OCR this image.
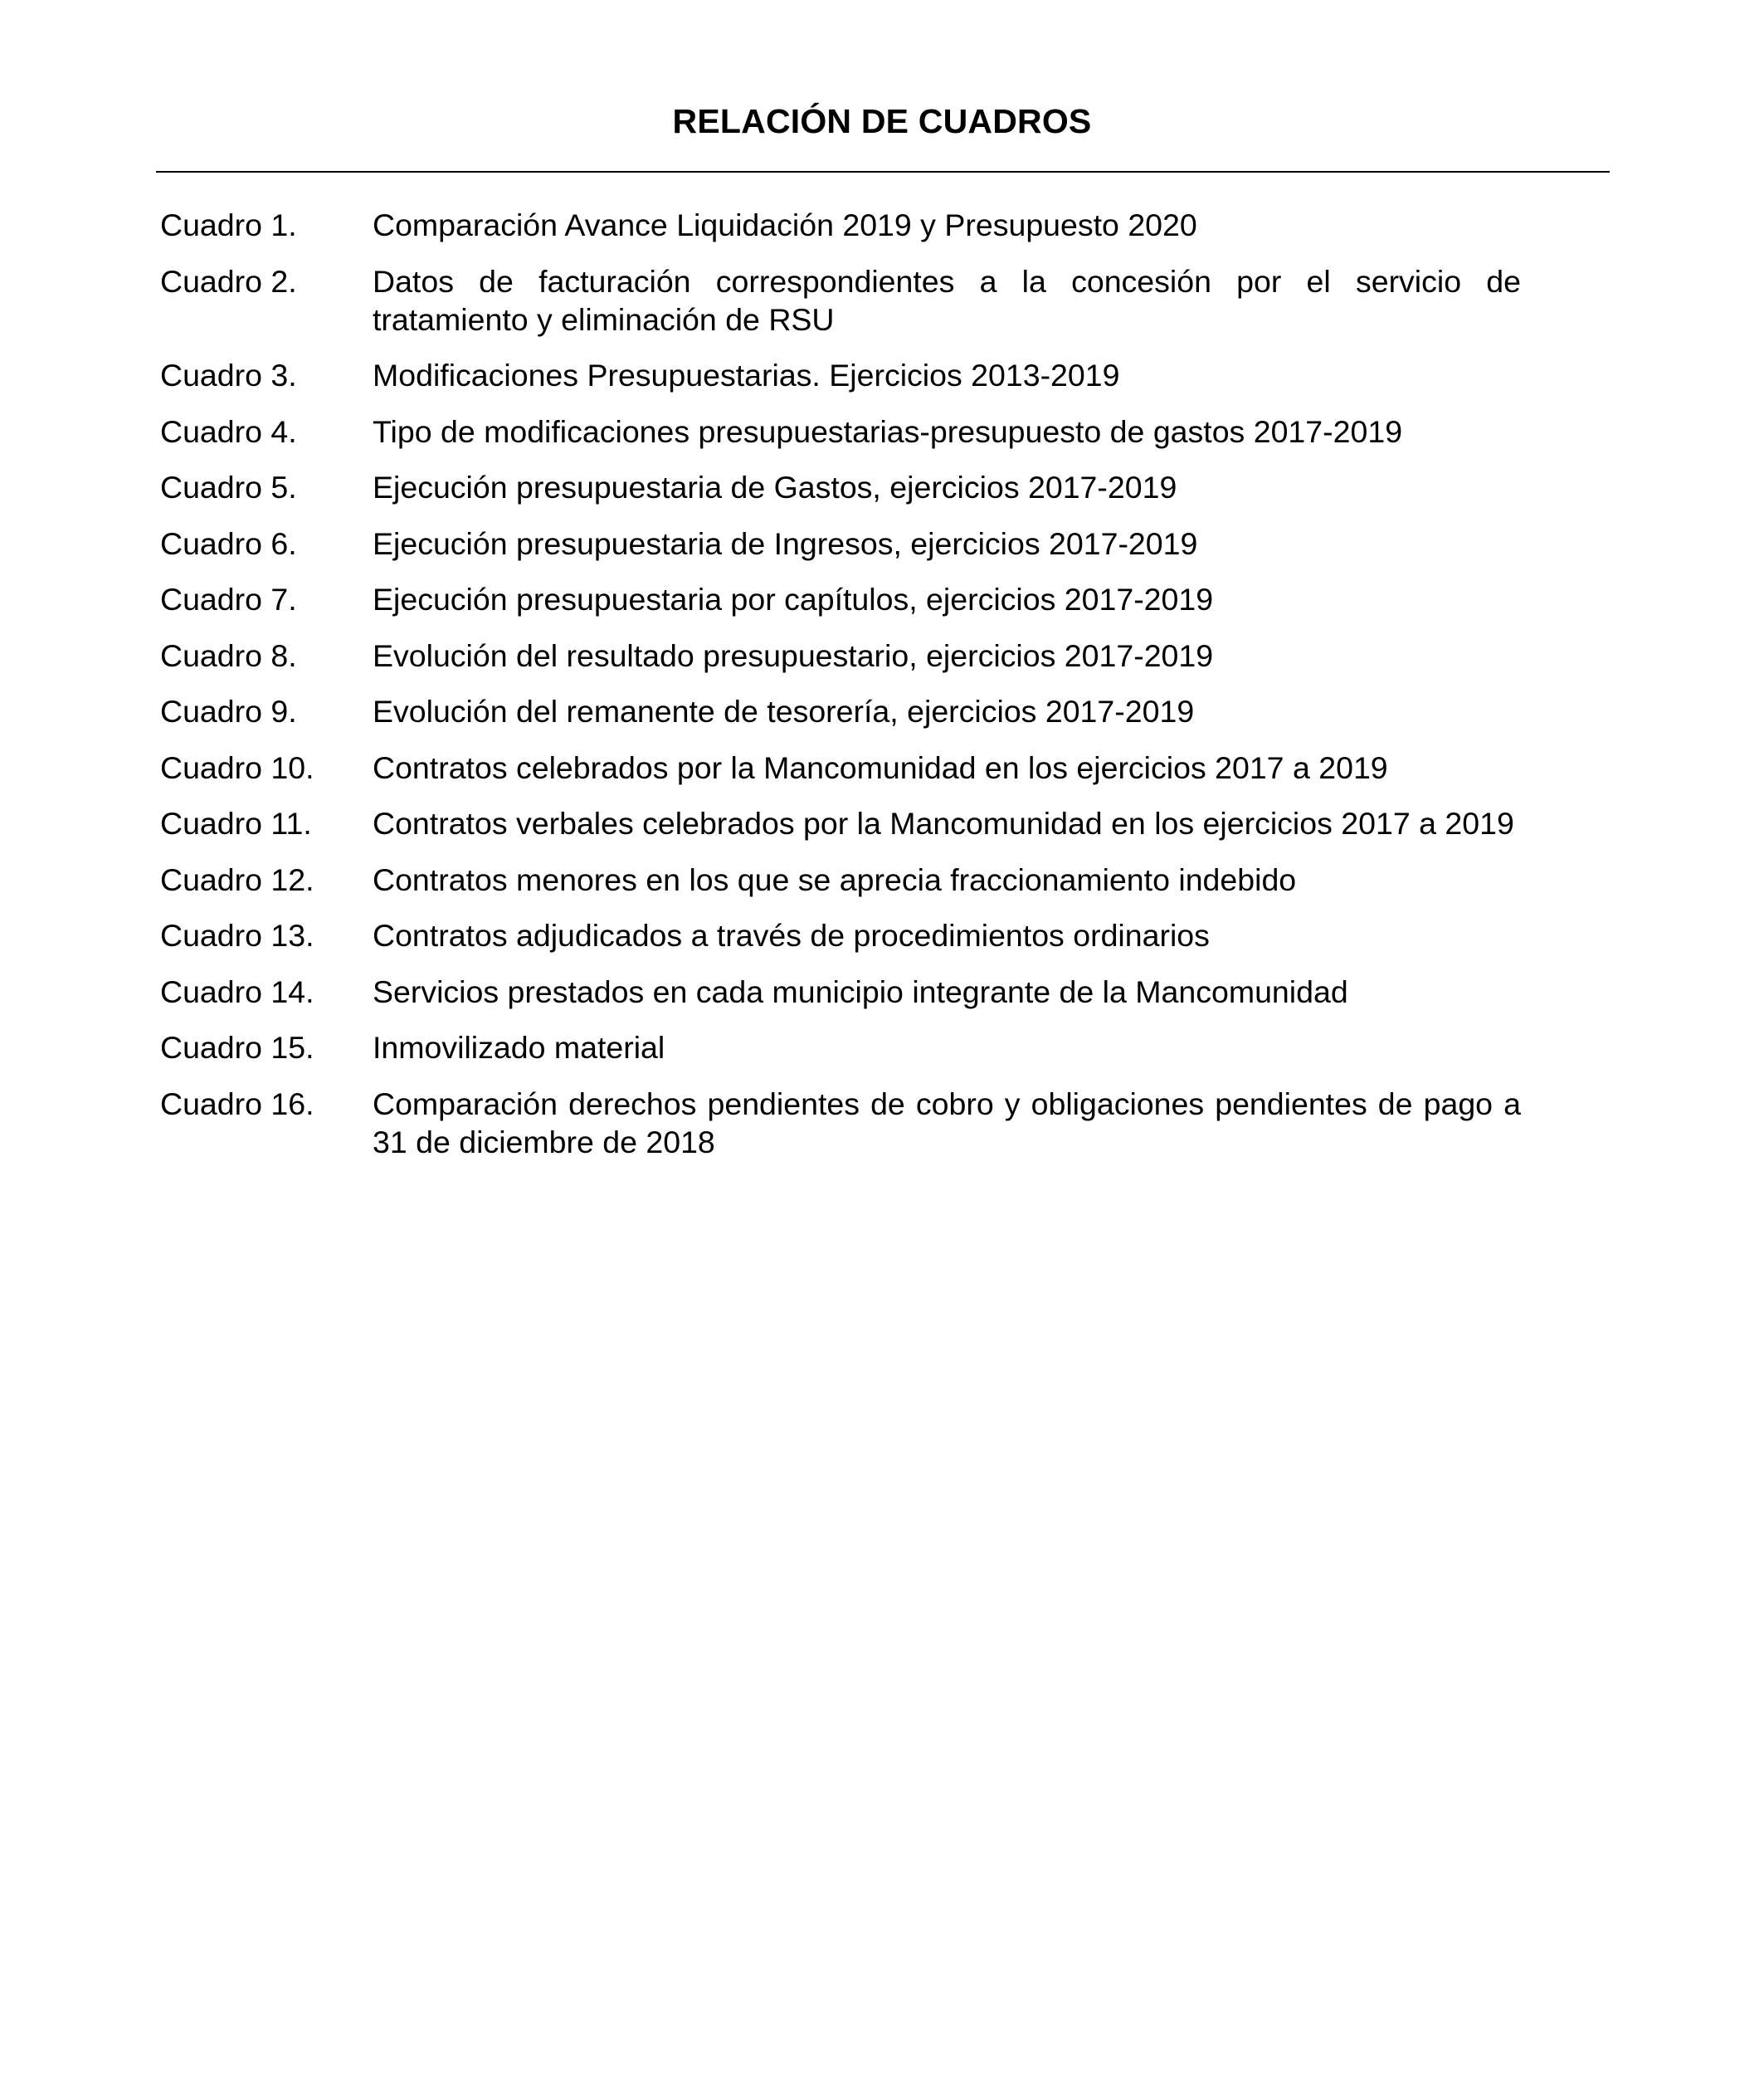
RELACIÓN DE CUADROS
Cuadro 1.	Comparación Avance Liquidación 2019 y Presupuesto 2020
Cuadro 2.	Datos de facturación correspondientes a la concesión por el servicio de tratamiento y eliminación de RSU
Cuadro 3.	Modificaciones Presupuestarias. Ejercicios 2013-2019
Cuadro 4.	Tipo de modificaciones presupuestarias-presupuesto de gastos 2017-2019
Cuadro 5.	Ejecución presupuestaria de Gastos, ejercicios 2017-2019
Cuadro 6.	Ejecución presupuestaria de Ingresos, ejercicios 2017-2019
Cuadro 7.	Ejecución presupuestaria por capítulos, ejercicios 2017-2019
Cuadro 8.	Evolución del resultado presupuestario, ejercicios 2017-2019
Cuadro 9.	Evolución del remanente de tesorería, ejercicios 2017-2019
Cuadro 10.	Contratos celebrados por la Mancomunidad en los ejercicios 2017 a 2019
Cuadro 11.	Contratos verbales celebrados por la Mancomunidad en los ejercicios 2017 a 2019
Cuadro 12.	Contratos menores en los que se aprecia fraccionamiento indebido
Cuadro 13.	Contratos adjudicados a través de procedimientos ordinarios
Cuadro 14.	Servicios prestados en cada municipio integrante de la Mancomunidad
Cuadro 15.	Inmovilizado material
Cuadro 16.	Comparación derechos pendientes de cobro y obligaciones pendientes de pago a 31 de diciembre de 2018
